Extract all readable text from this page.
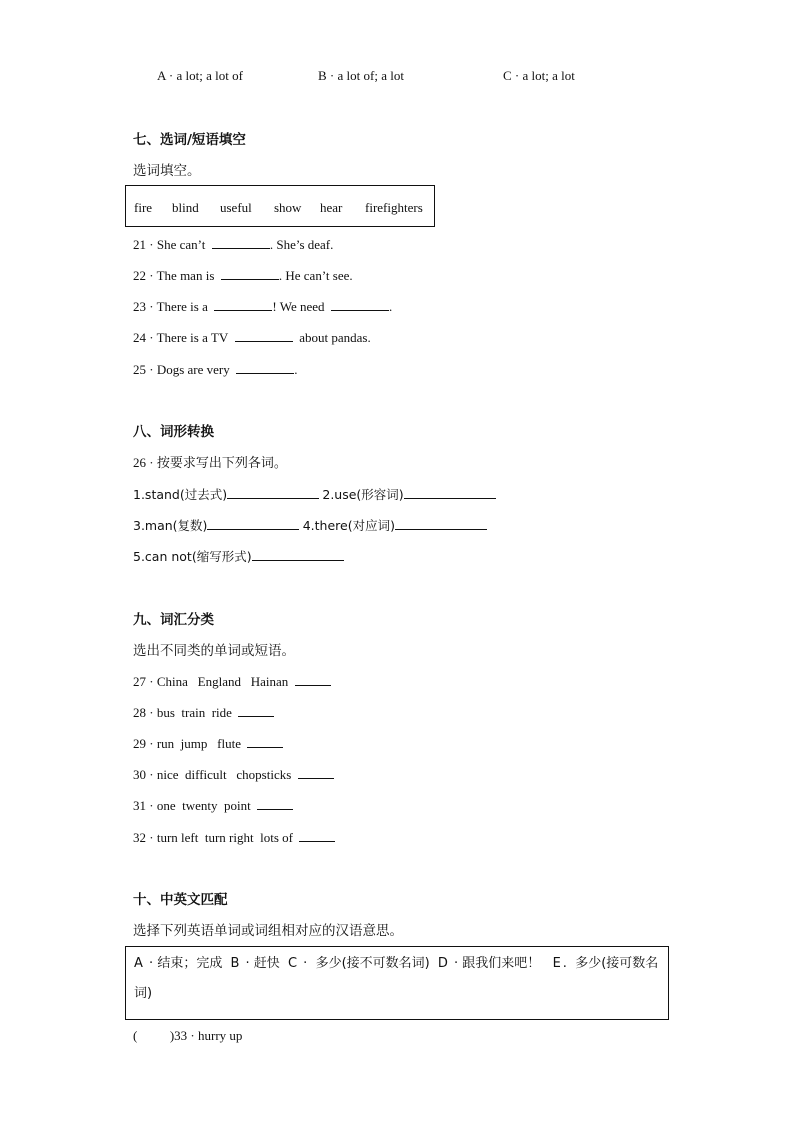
A · a lot; a lot of	B · a lot of; a lot	C · a lot; a lot
七、选词/短语填空
选词填空。
fire blind useful show hear firefighters
21 · She can’t	. She’s deaf.
22 · The man is	. He can’t see.
23 · There is a	! We need	.
24 · There is a TV	about pandas.
25 · Dogs are very	.
八、词形转换
26 · 按要求写出下列各词。
1.stand(过去式)	2.use(形容词)
3.man(复数)	4.there(对应词)
5.can not(缩写形式)
九、词汇分类
选出不同类的单词或短语。
27 · China   England   Hainan
28 · bus  train  ride
29 · run  jump   flute
30 · nice  difficult   chopsticks
31 · one  twenty  point
32 · turn left  turn right  lots of
十、中英文匹配
选择下列英语单词或词组相对应的汉语意思。
A · 结束；完成 B · 赶快 C ·  多少(接不可数名词) D · 跟我们来吧！ E .  多少(接可数名词)
(          )33 · hurry up
